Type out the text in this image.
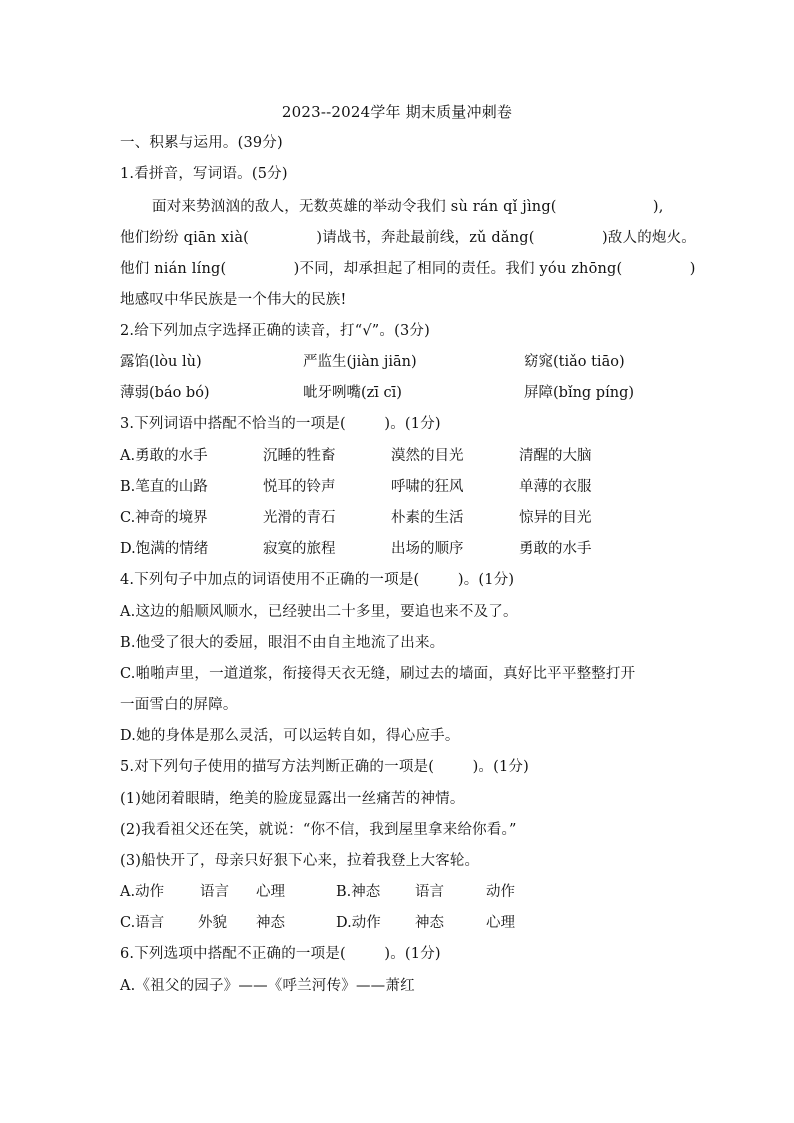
2023--2024学年 期末质量冲刺卷
一、积累与运用。(39分)
1.看拼音，写词语。(5分)
面对来势汹汹的敌人，无数英雄的举动令我们 sù rán qǐ jìng(                    ),
他们纷纷 qiān xià(              )请战书，奔赴最前线，zǔ dǎng(              )敌人的炮火。
他们 nián líng(              )不同，却承担起了相同的责任。我们 yóu zhōng(              )
地感叹中华民族是一个伟大的民族!
2.给下列加点字选择正确的读音，打“√”。(3分)
露馅(lòu lù)	严监生(jiàn jiān)	窈窕(tiǎo tiāo)
薄弱(báo bó)	呲牙咧嘴(zī cī)	屏障(bǐng píng)
3.下列词语中搭配不恰当的一项是(        )。(1分)
A.勇敢的水手	沉睡的牲畜	漠然的目光	清醒的大脑
B.笔直的山路	悦耳的铃声	呼啸的狂风	单薄的衣服
C.神奇的境界	光滑的青石	朴素的生活	惊异的目光
D.饱满的情绪	寂寞的旅程	出场的顺序	勇敢的水手
4.下列句子中加点的词语使用不正确的一项是(        )。(1分)
A.这边的船顺风顺水，已经驶出二十多里，要追也来不及了。
B.他受了很大的委屈，眼泪不由自主地流了出来。
C.啪啪声里，一道道浆，衔接得天衣无缝，刷过去的墙面，真好比平平整整打开
一面雪白的屏障。
D.她的身体是那么灵活，可以运转自如，得心应手。
5.对下列句子使用的描写方法判断正确的一项是(        )。(1分)
(1)她闭着眼睛，绝美的脸庞显露出一丝痛苦的神情。
(2)我看祖父还在笑，就说：“你不信，我到屋里拿来给你看。”
(3)船快开了，母亲只好狠下心来，拉着我登上大客轮。
A.动作 语言 心理	B.神态 语言	动作
C.语言 外貌 神态	D.动作 神态	心理
6.下列选项中搭配不正确的一项是(        )。(1分)
A.《祖父的园子》——《呼兰河传》——萧红
